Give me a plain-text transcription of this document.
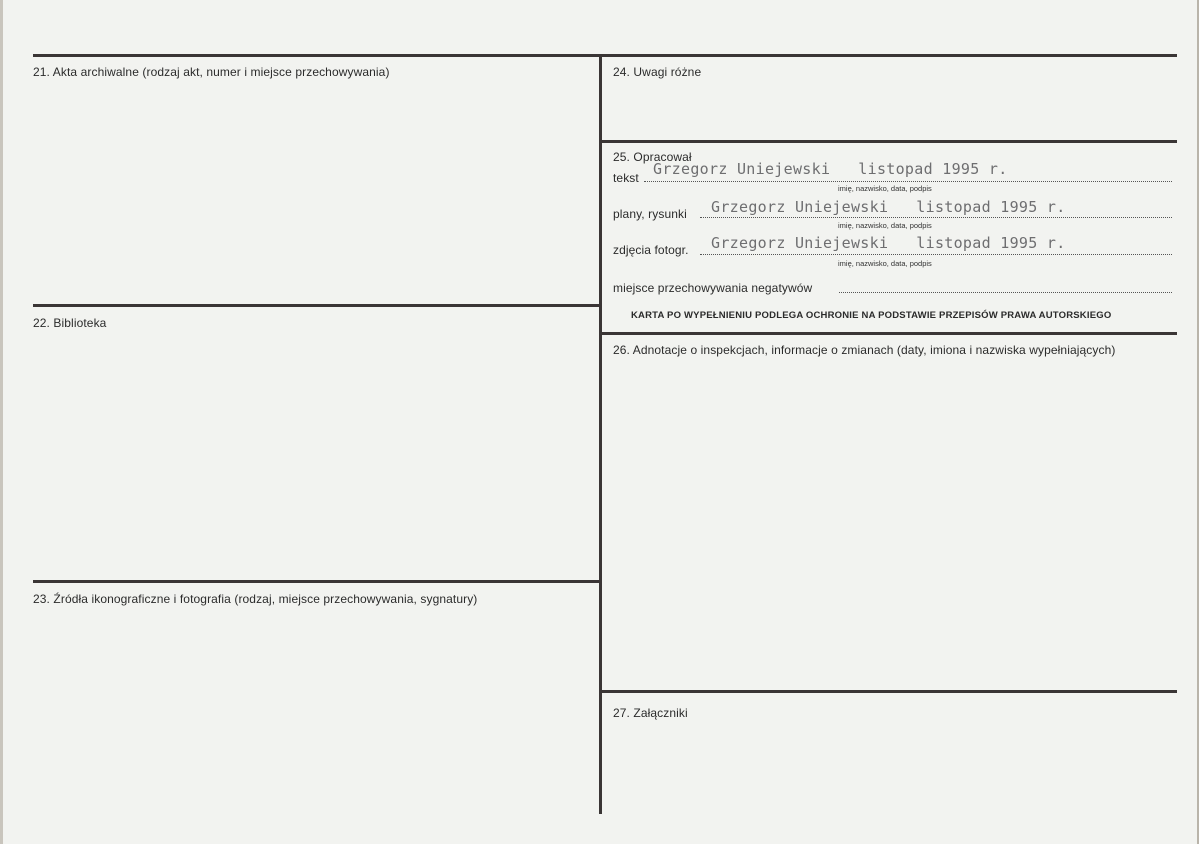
21. Akta archiwalne (rodzaj akt, numer i miejsce przechowywania)
22. Biblioteka
23. Źródła ikonograficzne i fotografia (rodzaj, miejsce przechowywania, sygnatury)
24. Uwagi różne
25. Opracował
tekst Grzegorz Uniejewski   listopad 1995 r.
imię, nazwisko, data, podpis
plany, rysunki Grzegorz Uniejewski   listopad 1995 r.
imię, nazwisko, data, podpis
zdjęcia fotogr. Grzegorz Uniejewski   listopad 1995 r.
imię, nazwisko, data, podpis
miejsce przechowywania negatywów
KARTA PO WYPEŁNIENIU PODLEGA OCHRONIE NA PODSTAWIE PRZEPISÓW PRAWA AUTORSKIEGO
26. Adnotacje o inspekcjach, informacje o zmianach (daty, imiona i nazwiska wypełniających)
27. Załączniki
